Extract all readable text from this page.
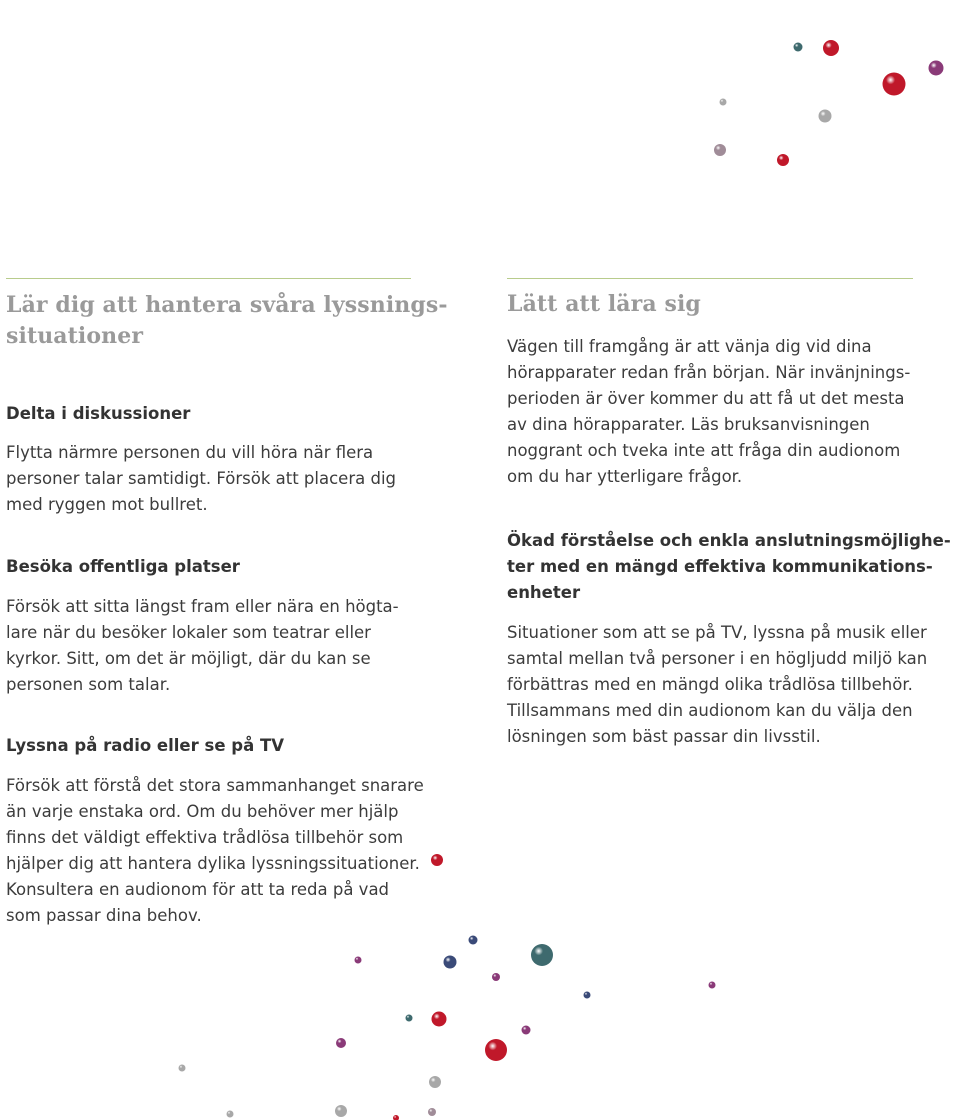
Lär dig att hantera svåra lyssnings-
situationer
Delta i diskussioner
Flytta närmre personen du vill höra när flera
personer talar samtidigt. Försök att placera dig
med ryggen mot bullret.
Besöka offentliga platser
Försök att sitta längst fram eller nära en högta-
lare när du besöker lokaler som teatrar eller
kyrkor. Sitt, om det är möjligt, där du kan se
personen som talar.
Lyssna på radio eller se på TV
Försök att förstå det stora sammanhanget snarare
än varje enstaka ord. Om du behöver mer hjälp
finns det väldigt effektiva trådlösa tillbehör som
hjälper dig att hantera dylika lyssningssituationer.
Konsultera en audionom för att ta reda på vad
som passar dina behov.
Lätt att lära sig
Vägen till framgång är att vänja dig vid dina
hörapparater redan från början. När invänjnings-
perioden är över kommer du att få ut det mesta
av dina hörapparater. Läs bruksanvisningen
noggrant och tveka inte att fråga din audionom
om du har ytterligare frågor.
Ökad förståelse och enkla anslutningsmöjlighe-
ter med en mängd effektiva kommunikations-
enheter
Situationer som att se på TV, lyssna på musik eller
samtal mellan två personer i en högljudd miljö kan
förbättras med en mängd olika trådlösa tillbehör.
Tillsammans med din audionom kan du välja den
lösningen som bäst passar din livsstil.
